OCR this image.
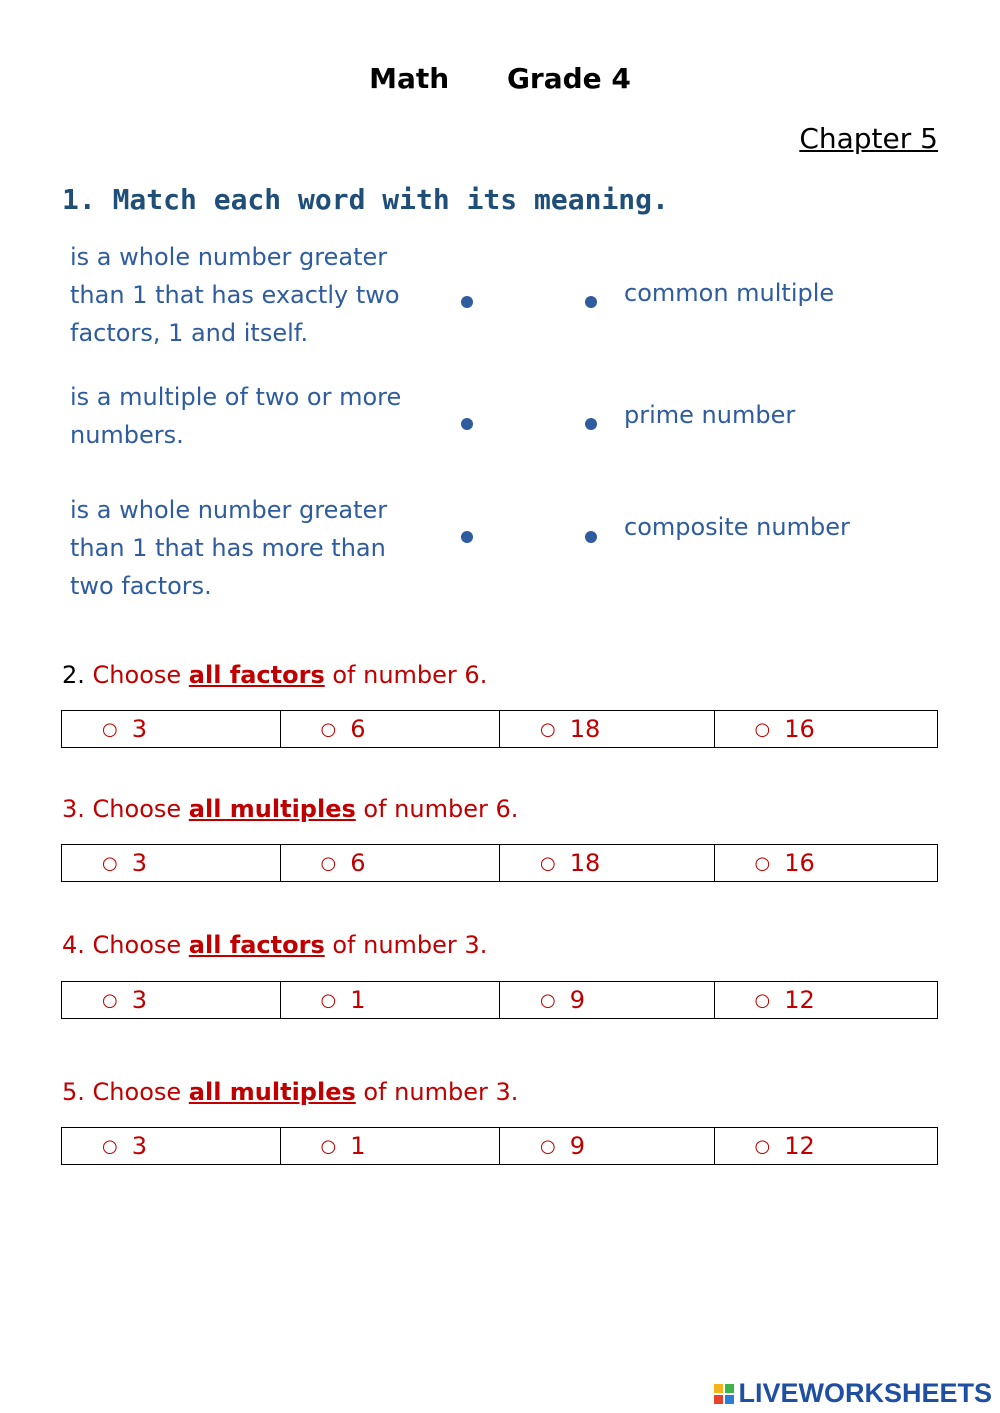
Math Grade 4
Chapter 5
1. Match each word with its meaning.
is a whole number greater than 1 that has exactly two factors, 1 and itself.
common multiple
is a multiple of two or more numbers.
prime number
is a whole number greater than 1 that has more than two factors.
composite number
2. Choose all factors of number 6.
○ 3	○ 6	○ 18	○ 16
3. Choose all multiples of number 6.
○ 3	○ 6	○ 18	○ 16
4. Choose all factors of number 3.
○ 3	○ 1	○ 9	○ 12
5. Choose all multiples of number 3.
○ 3	○ 1	○ 9	○ 12
LIVEWORKSHEETS
